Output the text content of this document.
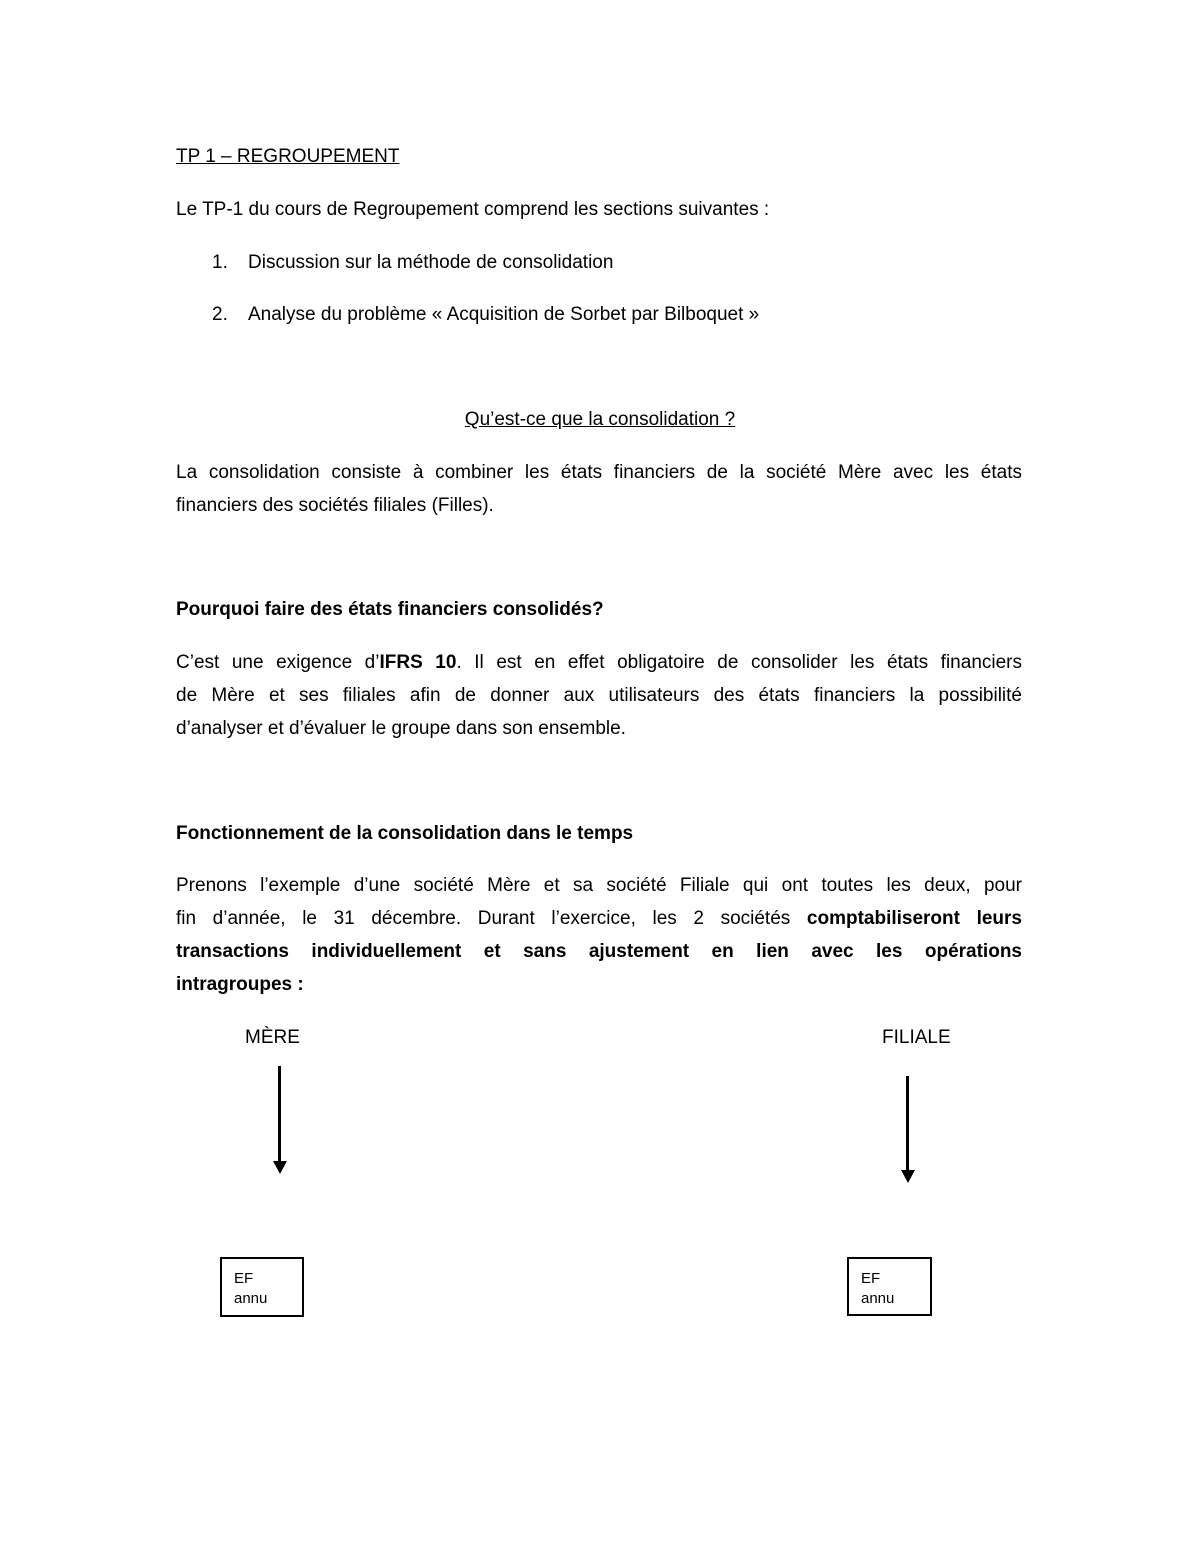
TP 1 – REGROUPEMENT

Le TP-1 du cours de Regroupement comprend les sections suivantes :

1. Discussion sur la méthode de consolidation

2. Analyse du problème « Acquisition de Sorbet par Bilboquet »

Qu’est-ce que la consolidation ?

La consolidation consiste à combiner les états financiers de la société Mère avec les états
financiers des sociétés filiales (Filles).

Pourquoi faire des états financiers consolidés?

C’est une exigence d’IFRS 10. Il est en effet obligatoire de consolider les états financiers
de Mère et ses filiales afin de donner aux utilisateurs des états financiers la possibilité
d’analyser et d’évaluer le groupe dans son ensemble.

Fonctionnement de la consolidation dans le temps

Prenons l’exemple d’une société Mère et sa société Filiale qui ont toutes les deux, pour
fin d’année, le 31 décembre. Durant l’exercice, les 2 sociétés comptabiliseront leurs
transactions individuellement et sans ajustement en lien avec les opérations
intragroupes :

MÈRE	FILIALE

EF
annu
EF
annu
